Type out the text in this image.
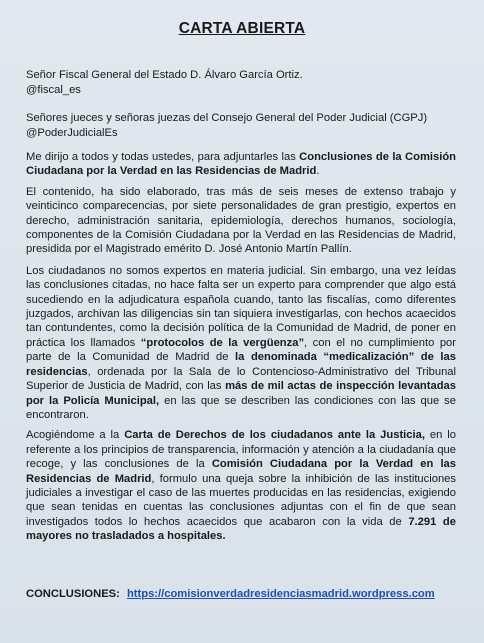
CARTA ABIERTA
Señor Fiscal General del Estado D. Álvaro García Ortiz.
@fiscal_es
Señores jueces y señoras juezas del Consejo General del Poder Judicial (CGPJ)
@PoderJudicialEs

Me dirijo a todos y todas ustedes, para adjuntarles las Conclusiones de la Comisión Ciudadana por la Verdad en las Residencias de Madrid.

El contenido, ha sido elaborado, tras más de seis meses de extenso trabajo y veinticinco comparecencias, por siete personalidades de gran prestigio, expertos en derecho, administración sanitaria, epidemiología, derechos humanos, sociología, componentes de la Comisión Ciudadana por la Verdad en las Residencias de Madrid, presidida por el Magistrado emérito D. José Antonio Martín Pallín.

Los ciudadanos no somos expertos en materia judicial. Sin embargo, una vez leídas las conclusiones citadas, no hace falta ser un experto para comprender que algo está sucediendo en la adjudicatura española cuando, tanto las fiscalías, como diferentes juzgados, archivan las diligencias sin tan siquiera investigarlas, con hechos acaecidos tan contundentes, como la decisión política de la Comunidad de Madrid, de poner en práctica los llamados “protocolos de la vergüenza”, con el no cumplimiento por parte de la Comunidad de Madrid de la denominada “medicalización” de las residencias, ordenada por la Sala de lo Contencioso-Administrativo del Tribunal Superior de Justicia de Madrid, con las más de mil actas de inspección levantadas por la Policía Municipal, en las que se describen las condiciones con las que se encontraron.

Acogiéndome a la Carta de Derechos de los ciudadanos ante la Justicia, en lo referente a los principios de transparencia, información y atención a la ciudadanía que recoge, y las conclusiones de la Comisión Ciudadana por la Verdad en las Residencias de Madrid, formulo una queja sobre la inhibición de las instituciones judiciales a investigar el caso de las muertes producidas en las residencias, exigiendo que sean tenidas en cuentas las conclusiones adjuntas con el fin de que sean investigados todos lo hechos acaecidos que acabaron con la vida de 7.291 de mayores no trasladados a hospitales.

CONCLUSIONES: https://comisionverdadresidenciasmadrid.wordpress.com
